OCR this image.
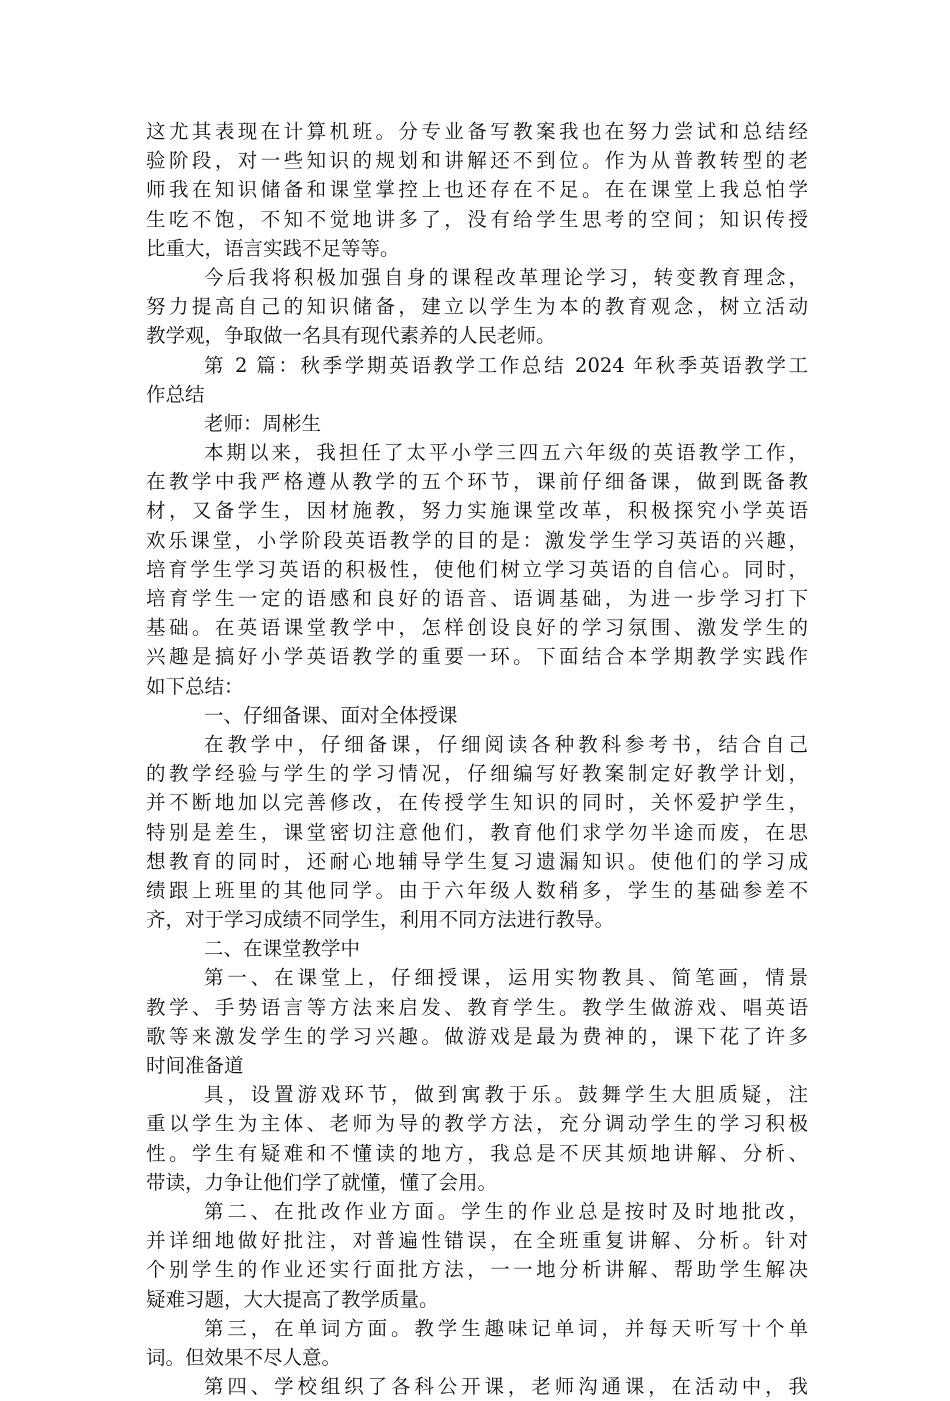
这尤其表现在计算机班。分专业备写教案我也在努力尝试和总结经
验阶段，对一些知识的规划和讲解还不到位。作为从普教转型的老
师我在知识储备和课堂掌控上也还存在不足。在在课堂上我总怕学
生吃不饱，不知不觉地讲多了，没有给学生思考的空间；知识传授
比重大，语言实践不足等等。
今后我将积极加强自身的课程改革理论学习，转变教育理念，
努力提高自己的知识储备，建立以学生为本的教育观念，树立活动
教学观，争取做一名具有现代素养的人民老师。
第 2 篇：秋季学期英语教学工作总结 2024 年秋季英语教学工
作总结
老师：周彬生
本期以来，我担任了太平小学三四五六年级的英语教学工作，
在教学中我严格遵从教学的五个环节，课前仔细备课，做到既备教
材，又备学生，因材施教，努力实施课堂改革，积极探究小学英语
欢乐课堂，小学阶段英语教学的目的是：激发学生学习英语的兴趣，
培育学生学习英语的积极性，使他们树立学习英语的自信心。同时，
培育学生一定的语感和良好的语音、语调基础，为进一步学习打下
基础。在英语课堂教学中，怎样创设良好的学习氛围、激发学生的
兴趣是搞好小学英语教学的重要一环。下面结合本学期教学实践作
如下总结：
一、仔细备课、面对全体授课
在教学中，仔细备课，仔细阅读各种教科参考书，结合自己
的教学经验与学生的学习情况，仔细编写好教案制定好教学计划，
并不断地加以完善修改，在传授学生知识的同时，关怀爱护学生，
特别是差生，课堂密切注意他们，教育他们求学勿半途而废，在思
想教育的同时，还耐心地辅导学生复习遗漏知识。使他们的学习成
绩跟上班里的其他同学。由于六年级人数稍多，学生的基础参差不
齐，对于学习成绩不同学生，利用不同方法进行教导。
二、在课堂教学中
第一、在课堂上，仔细授课，运用实物教具、简笔画，情景
教学、手势语言等方法来启发、教育学生。教学生做游戏、唱英语
歌等来激发学生的学习兴趣。做游戏是最为费神的，课下花了许多
时间准备道
具，设置游戏环节，做到寓教于乐。鼓舞学生大胆质疑，注
重以学生为主体、老师为导的教学方法，充分调动学生的学习积极
性。学生有疑难和不懂读的地方，我总是不厌其烦地讲解、分析、
带读，力争让他们学了就懂，懂了会用。
第二、在批改作业方面。学生的作业总是按时及时地批改，
并详细地做好批注，对普遍性错误，在全班重复讲解、分析。针对
个别学生的作业还实行面批方法，一一地分析讲解、帮助学生解决
疑难习题，大大提高了教学质量。
第三，在单词方面。教学生趣味记单词，并每天听写十个单
词。但效果不尽人意。
第四、学校组织了各科公开课，老师沟通课，在活动中，我
